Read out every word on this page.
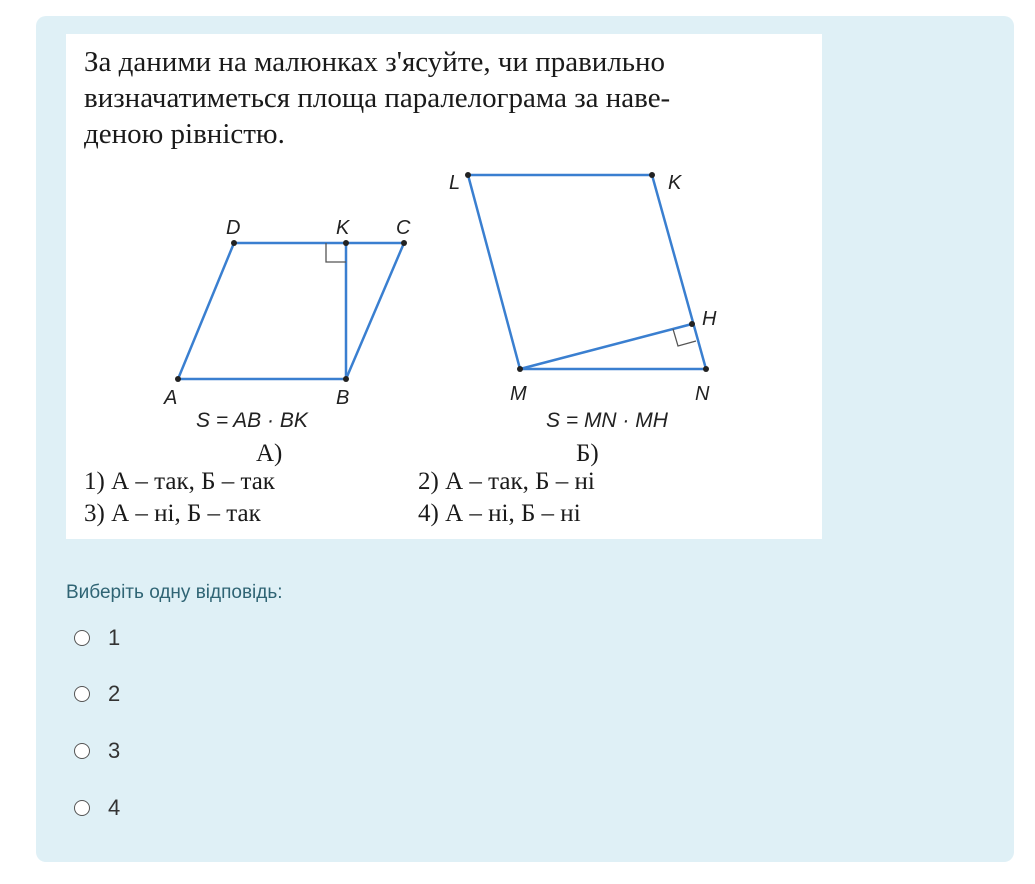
За даними на малюнках з'ясуйте, чи правильно
визначатиметься площа паралелограма за наве-
деною рівністю.

A	B
C
D	K
S = AB · BK
А)
L	K
M	N
H
S = MN · MH
Б)
1) А – так, Б – так	2) А – так, Б – ні
3) А – ні, Б – так	4) А – ні, Б – ні
Виберіть одну відповідь:
1
2
3
4
